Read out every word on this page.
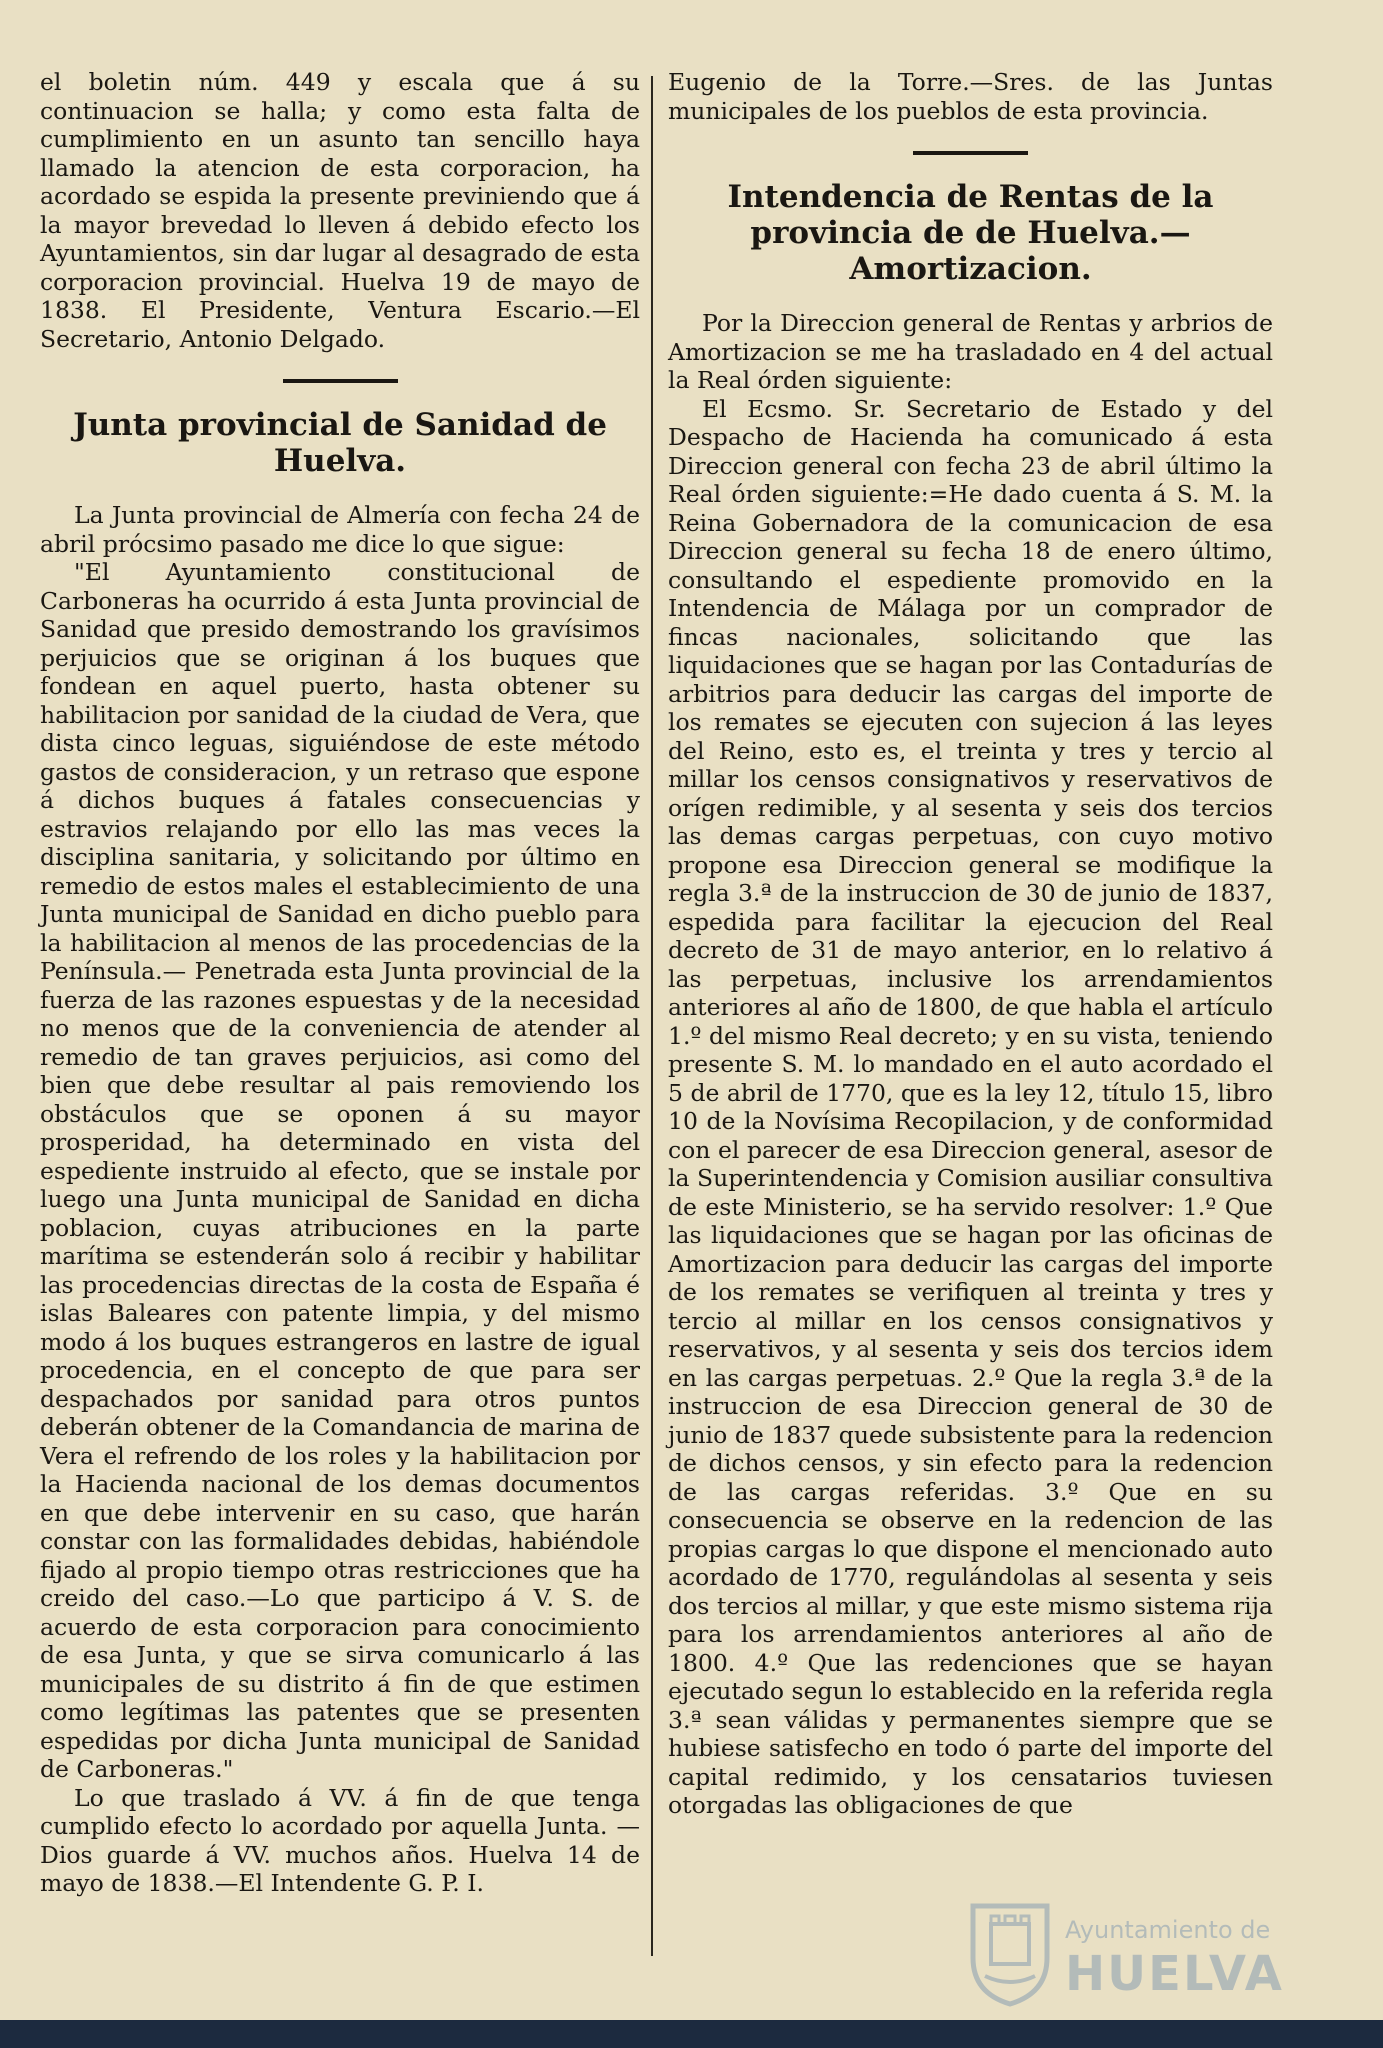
el boletin núm. 449 y escala que á su continuacion se halla; y como esta falta de cumplimiento en un asunto tan sencillo haya llamado la atencion de esta corporacion, ha acordado se espida la presente previniendo que á la mayor brevedad lo lleven á debido efecto los Ayuntamientos, sin dar lugar al desagrado de esta corporacion provincial. Huelva 19 de mayo de 1838. El Presidente, Ventura Escario.—El Secretario, Antonio Delgado.

Junta provincial de Sanidad de Huelva.

La Junta provincial de Almería con fecha 24 de abril prócsimo pasado me dice lo que sigue:

"El Ayuntamiento constitucional de Carboneras ha ocurrido á esta Junta provincial de Sanidad que presido demostrando los gravísimos perjuicios que se originan á los buques que fondean en aquel puerto, hasta obtener su habilitacion por sanidad de la ciudad de Vera, que dista cinco leguas, siguiéndose de este método gastos de consideracion, y un retraso que espone á dichos buques á fatales consecuencias y estravios relajando por ello las mas veces la disciplina sanitaria, y solicitando por último en remedio de estos males el establecimiento de una Junta municipal de Sanidad en dicho pueblo para la habilitacion al menos de las procedencias de la Península.— Penetrada esta Junta provincial de la fuerza de las razones espuestas y de la necesidad no menos que de la conveniencia de atender al remedio de tan graves perjuicios, asi como del bien que debe resultar al pais removiendo los obstáculos que se oponen á su mayor prosperidad, ha determinado en vista del espediente instruido al efecto, que se instale por luego una Junta municipal de Sanidad en dicha poblacion, cuyas atribuciones en la parte marítima se estenderán solo á recibir y habilitar las procedencias directas de la costa de España é islas Baleares con patente limpia, y del mismo modo á los buques estrangeros en lastre de igual procedencia, en el concepto de que para ser despachados por sanidad para otros puntos deberán obtener de la Comandancia de marina de Vera el refrendo de los roles y la habilitacion por la Hacienda nacional de los demas documentos en que debe intervenir en su caso, que harán constar con las formalidades debidas, habiéndole fijado al propio tiempo otras restricciones que ha creido del caso.—Lo que participo á V. S. de acuerdo de esta corporacion para conocimiento de esa Junta, y que se sirva comunicarlo á las municipales de su distrito á fin de que estimen como legítimas las patentes que se presenten espedidas por dicha Junta municipal de Sanidad de Carboneras."

Lo que traslado á VV. á fin de que tenga cumplido efecto lo acordado por aquella Junta. —Dios guarde á VV. muchos años. Huelva 14 de mayo de 1838.—El Intendente G. P. I.

Eugenio de la Torre.—Sres. de las Juntas municipales de los pueblos de esta provincia.

Intendencia de Rentas de la provincia de de Huelva.—Amortizacion.

Por la Direccion general de Rentas y arbrios de Amortizacion se me ha trasladado en 4 del actual la Real órden siguiente:

El Ecsmo. Sr. Secretario de Estado y del Despacho de Hacienda ha comunicado á esta Direccion general con fecha 23 de abril último la Real órden siguiente:=He dado cuenta á S. M. la Reina Gobernadora de la comunicacion de esa Direccion general su fecha 18 de enero último, consultando el espediente promovido en la Intendencia de Málaga por un comprador de fincas nacionales, solicitando que las liquidaciones que se hagan por las Contadurías de arbitrios para deducir las cargas del importe de los remates se ejecuten con sujecion á las leyes del Reino, esto es, el treinta y tres y tercio al millar los censos consignativos y reservativos de orígen redimible, y al sesenta y seis dos tercios las demas cargas perpetuas, con cuyo motivo propone esa Direccion general se modifique la regla 3.ª de la instruccion de 30 de junio de 1837, espedida para facilitar la ejecucion del Real decreto de 31 de mayo anterior, en lo relativo á las perpetuas, inclusive los arrendamientos anteriores al año de 1800, de que habla el artículo 1.º del mismo Real decreto; y en su vista, teniendo presente S. M. lo mandado en el auto acordado el 5 de abril de 1770, que es la ley 12, título 15, libro 10 de la Novísima Recopilacion, y de conformidad con el parecer de esa Direccion general, asesor de la Superintendencia y Comision ausiliar consultiva de este Ministerio, se ha servido resolver: 1.º Que las liquidaciones que se hagan por las oficinas de Amortizacion para deducir las cargas del importe de los remates se verifiquen al treinta y tres y tercio al millar en los censos consignativos y reservativos, y al sesenta y seis dos tercios idem en las cargas perpetuas. 2.º Que la regla 3.ª de la instruccion de esa Direccion general de 30 de junio de 1837 quede subsistente para la redencion de dichos censos, y sin efecto para la redencion de las cargas referidas. 3.º Que en su consecuencia se observe en la redencion de las propias cargas lo que dispone el mencionado auto acordado de 1770, regulándolas al sesenta y seis dos tercios al millar, y que este mismo sistema rija para los arrendamientos anteriores al año de 1800. 4.º Que las redenciones que se hayan ejecutado segun lo establecido en la referida regla 3.ª sean válidas y permanentes siempre que se hubiese satisfecho en todo ó parte del importe del capital redimido, y los censatarios tuviesen otorgadas las obligaciones de que

Ayuntamiento de
HUELVA
